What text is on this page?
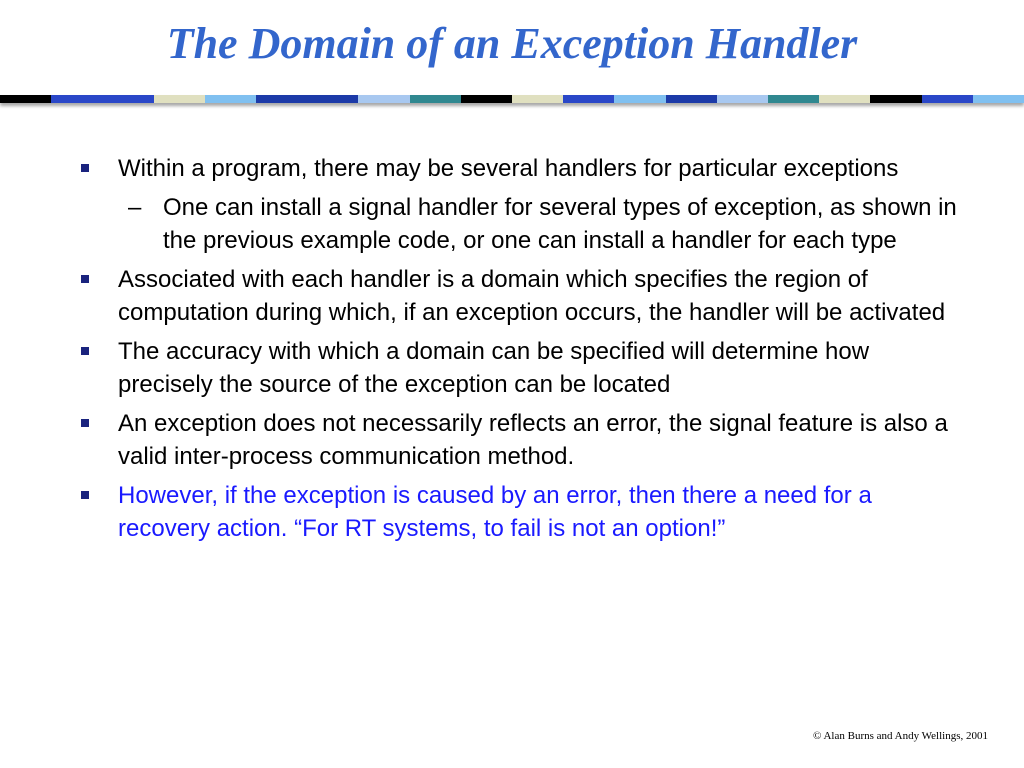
The Domain of an Exception Handler
Within a program, there may be several handlers for particular exceptions
– One can install a signal handler for several types of exception, as shown in the previous example code, or one can install a handler for each type
Associated with each handler is a domain which specifies the region of computation during which, if an exception occurs, the handler will be activated
The accuracy with which a domain can be specified will determine how precisely the source of the exception can be located
An exception does not necessarily reflects an error, the signal feature is also a valid inter-process communication method.
However, if the exception is caused by an error, then there a need for a recovery action. “For RT systems, to fail is not an option!”
© Alan Burns and Andy Wellings, 2001
